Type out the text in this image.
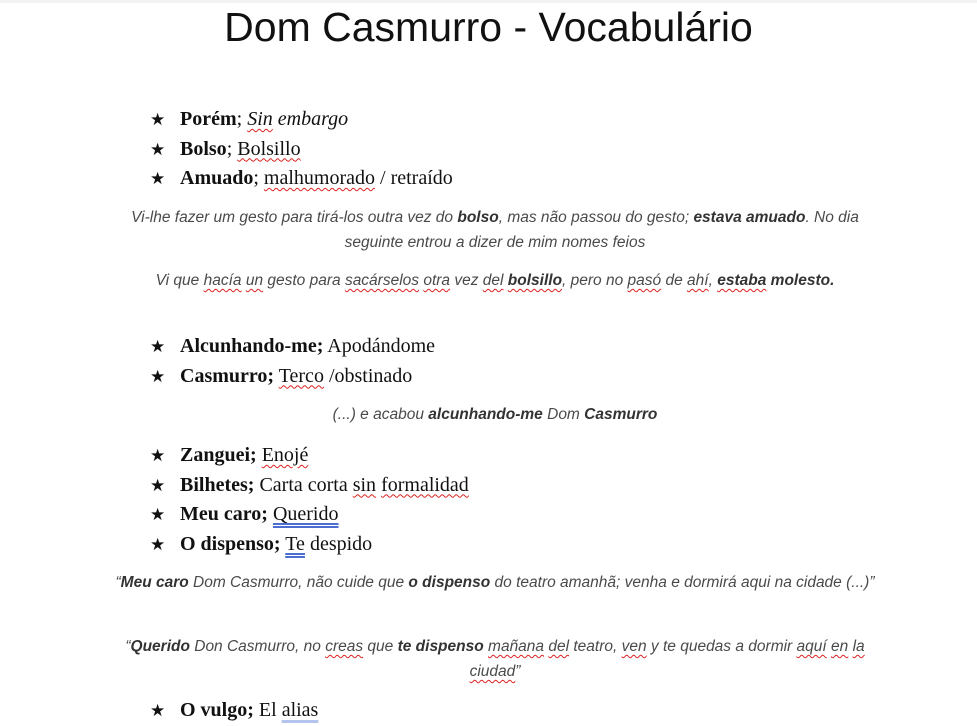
Dom Casmurro - Vocabulário
★ Porém; Sin embargo
★ Bolso; Bolsillo
★ Amuado; malhumorado / retraído
Vi-lhe fazer um gesto para tirá-los outra vez do bolso, mas não passou do gesto; estava amuado. No dia seguinte entrou a dizer de mim nomes feios
Vi que hacía un gesto para sacárselos otra vez del bolsillo, pero no pasó de ahí, estaba molesto.
★ Alcunhando-me; Apodándome
★ Casmurro; Terco /obstinado
(...) e acabou alcunhando-me Dom Casmurro
★ Zanguei; Enojé
★ Bilhetes; Carta corta sin formalidad
★ Meu caro; Querido
★ O dispenso; Te despido
“Meu caro Dom Casmurro, não cuide que o dispenso do teatro amanhã; venha e dormirá aqui na cidade (...)”
“Querido Don Casmurro, no creas que te dispenso mañana del teatro, ven y te quedas a dormir aquí en la ciudad”
★ O vulgo; El alias
